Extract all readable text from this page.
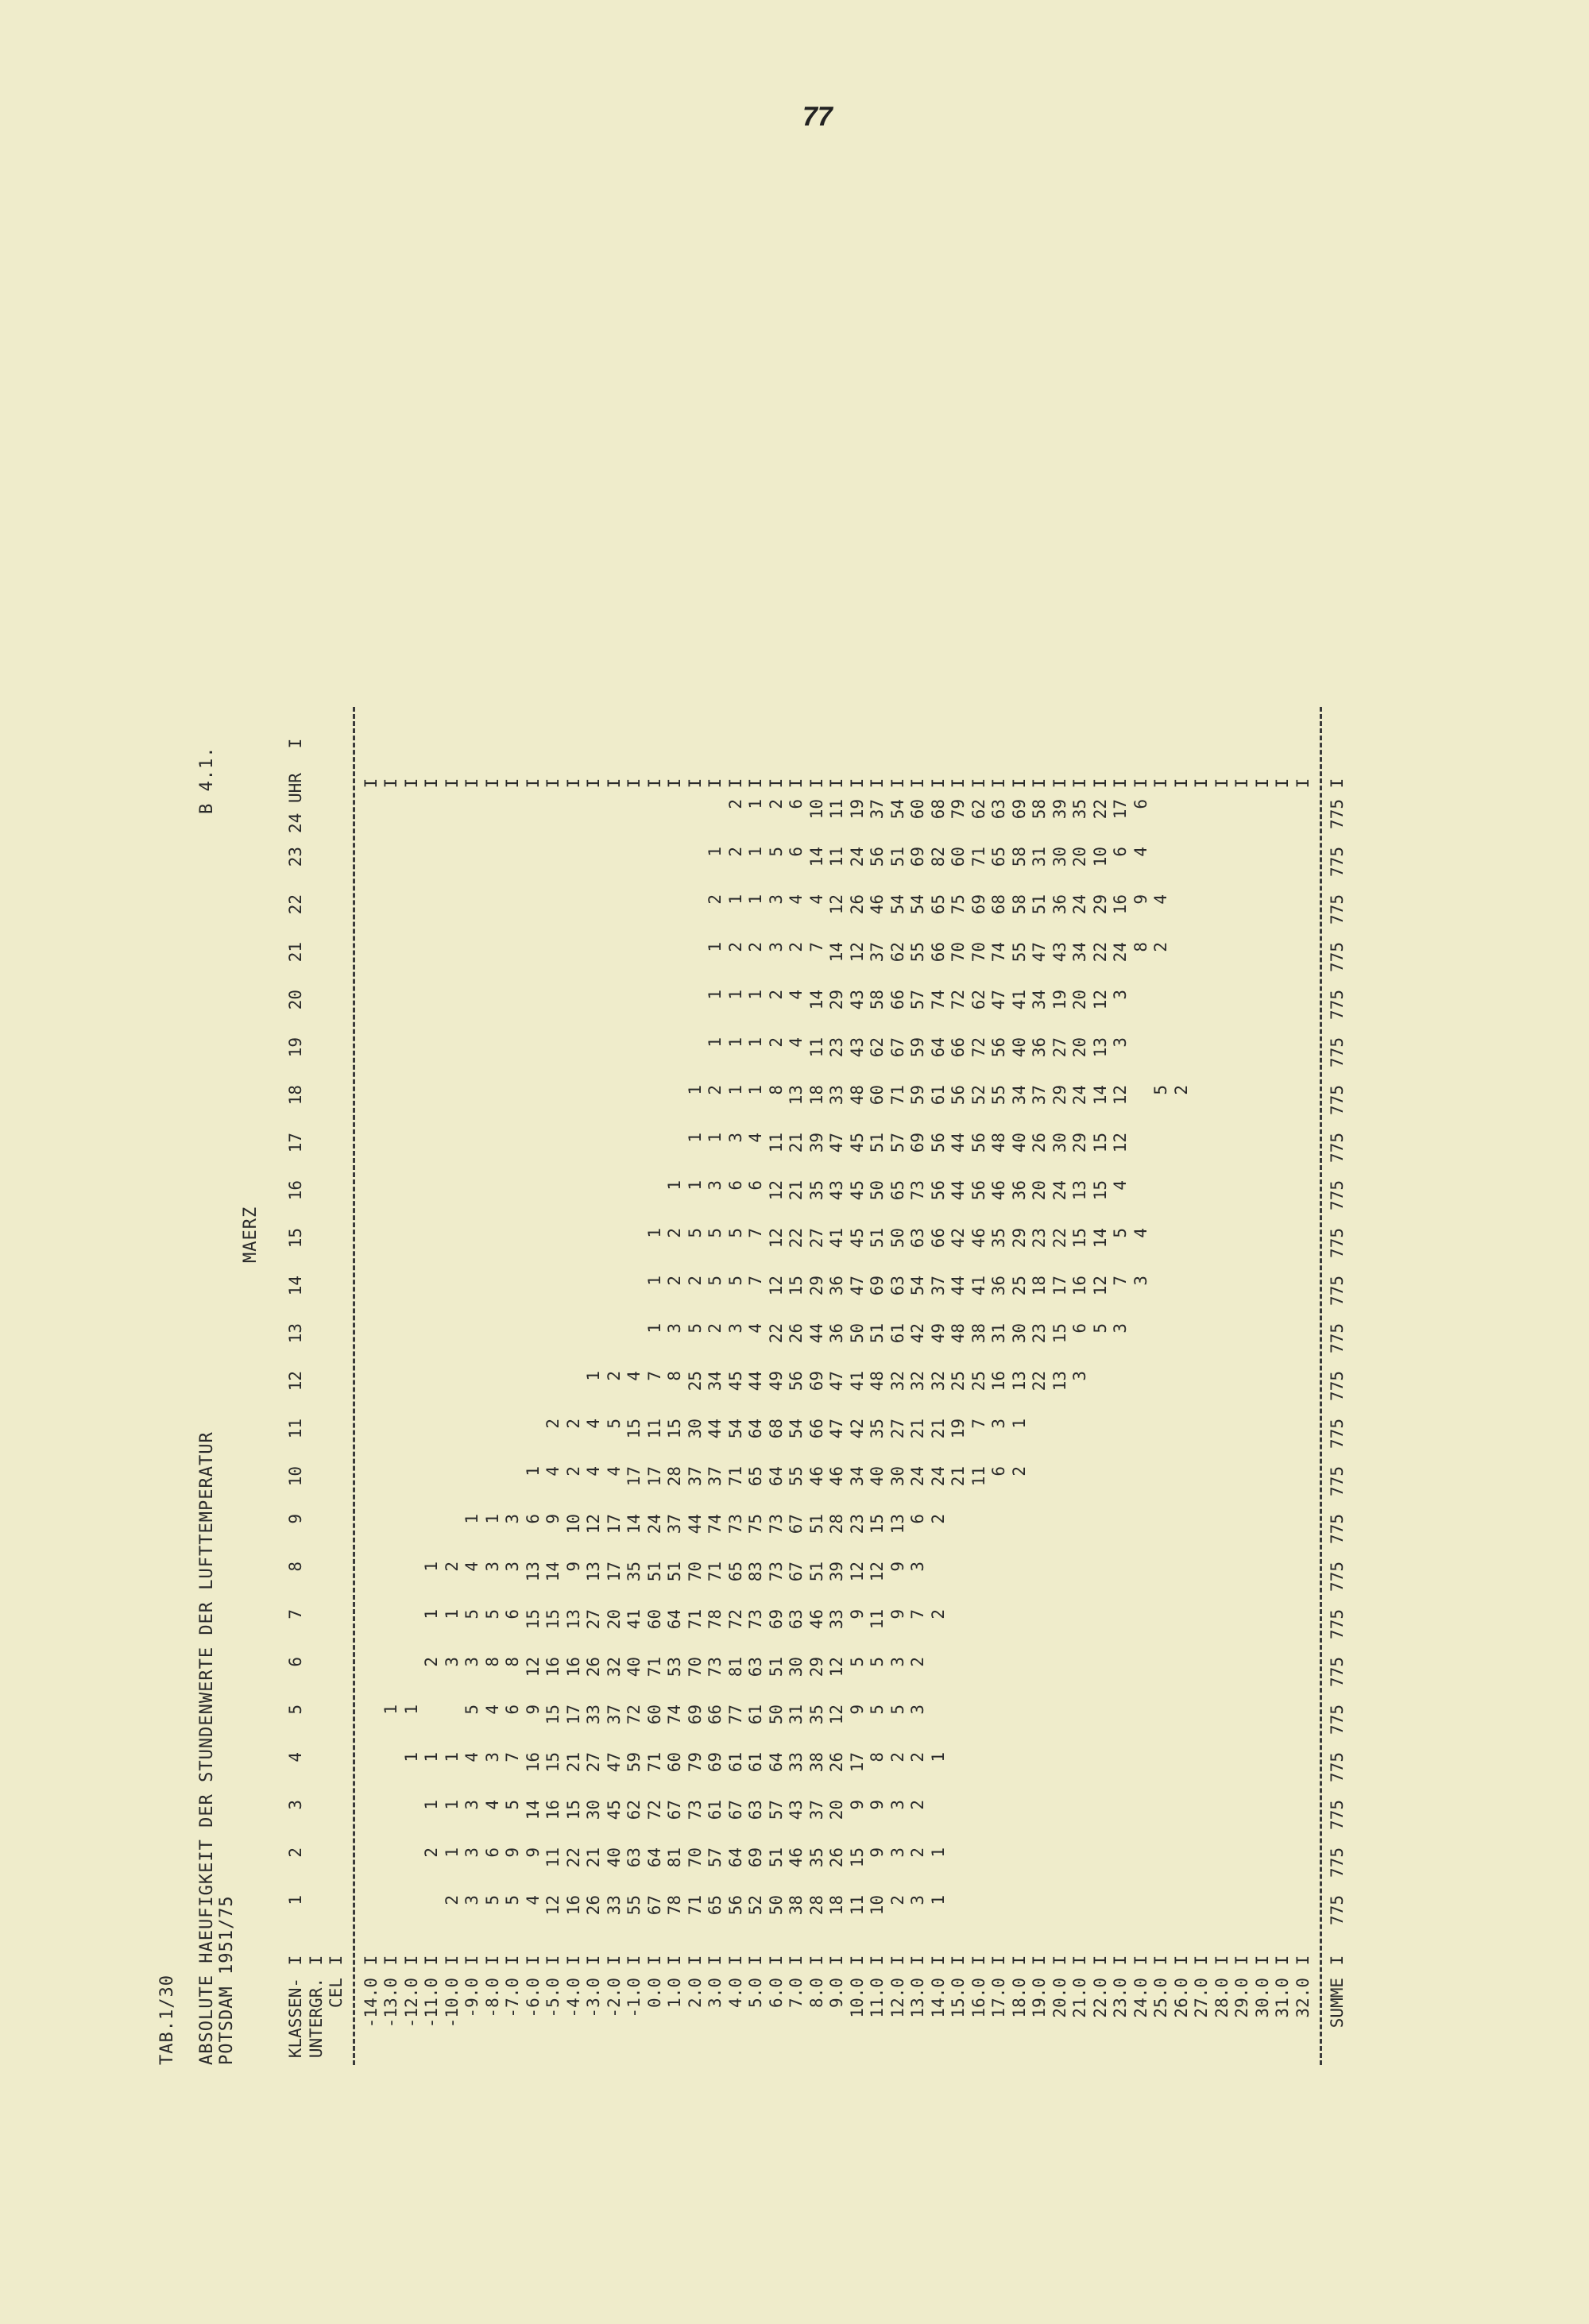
77
TAB.1/30 ABSOLUTE HAEUFIGKEIT DER STUNDENWERTE DER LUFTTEMPERATUR POTSDAM 1951/75
B 4.1.
MAERZ
KLASSEN-
I
1
2
3
4
5
6
7
8
9
10
11
12
13
14
15
16
17
18
19
20
21
22
23
24 UHR
I
UNTERGR.
I
CEL
I
-14.0
I
I
-13.0
I
1
I
-12.0
I
1
1
I
-11.0
I
2
1
1
2
1
1
I
-10.0
I
2
1
1
1
3
1
2
I
-9.0
I
3
3
3
4
5
3
5
4
1
I
-8.0
I
5
6
4
3
4
8
5
3
1
I
-7.0
I
5
9
5
7
6
8
6
3
3
I
-6.0
I
4
9
14
16
9
12
15
13
6
1
I
-5.0
I
12
11
16
15
15
16
15
14
9
4
2
I
-4.0
I
16
22
15
21
17
16
13
9
10
2
2
I
-3.0
I
26
21
30
27
33
26
27
13
12
4
4
1
I
-2.0
I
33
40
45
47
37
32
20
17
17
4
5
2
I
-1.0
I
55
63
62
59
72
40
41
35
14
17
15
4
I
0.0
I
67
64
72
71
60
71
60
51
24
17
11
7
1
1
1
I
1.0
I
78
81
67
60
74
53
64
51
37
28
15
8
3
2
2
1
I
2.0
I
71
70
73
79
69
70
71
70
44
37
30
25
5
2
5
1
1
1
I
3.0
I
65
57
61
69
66
73
78
71
74
37
44
34
2
5
5
3
1
2
1
1
1
2
1
I
4.0
I
56
64
67
61
77
81
72
65
73
71
54
45
3
5
5
6
3
1
1
1
2
1
2
2
I
5.0
I
52
69
63
61
61
63
73
83
75
65
64
44
4
7
7
6
4
1
1
1
2
1
1
1
I
6.0
I
50
51
57
64
50
51
69
73
73
64
68
49
22
12
12
12
11
8
2
2
3
3
5
2
I
7.0
I
38
46
43
33
31
30
63
67
67
55
54
56
26
15
22
21
21
13
4
4
2
4
6
6
I
8.0
I
28
35
37
38
35
29
46
51
51
46
66
69
44
29
27
35
39
18
11
14
7
4
14
10
I
9.0
I
18
26
20
26
12
12
33
39
28
46
47
47
36
36
41
43
47
33
23
29
14
12
11
11
I
10.0
I
11
15
9
17
9
5
9
12
23
34
42
41
50
47
45
45
45
48
43
43
12
26
24
19
I
11.0
I
10
9
9
8
5
5
11
12
15
40
35
48
51
69
51
50
51
60
62
58
37
46
56
37
I
12.0
I
2
3
3
2
5
3
9
9
13
30
27
32
61
63
50
65
57
71
67
66
62
54
51
54
I
13.0
I
3
2
2
2
3
2
7
3
6
24
21
32
42
54
63
73
69
59
59
57
55
54
69
60
I
14.0
I
1
1
1
2
2
24
21
32
49
37
66
56
56
61
64
74
66
65
82
68
I
15.0
I
21
19
25
48
44
42
44
44
56
66
72
70
75
60
79
I
16.0
I
11
7
25
38
41
46
56
56
52
72
62
70
69
71
62
I
17.0
I
6
3
16
31
36
35
46
48
55
56
47
74
68
65
63
I
18.0
I
2
1
13
30
25
29
36
40
34
40
41
55
58
58
69
I
19.0
I
22
23
18
23
20
26
37
36
34
47
51
31
58
I
20.0
I
13
15
17
22
24
30
29
27
19
43
36
30
39
I
21.0
I
3
6
16
15
13
29
24
20
20
34
24
20
35
I
22.0
I
5
12
14
15
15
14
13
12
22
29
10
22
I
23.0
I
3
7
5
4
12
12
3
3
24
16
6
17
I
24.0
I
3
4
8
9
4
6
I
25.0
I
5
2
4
I
26.0
I
2
I
27.0
I
I
28.0
I
I
29.0
I
I
30.0
I
I
31.0
I
I
32.0
I
I
SUMME
I
775
775
775
775
775
775
775
775
775
775
775
775
775
775
775
775
775
775
775
775
775
775
775
775
I
